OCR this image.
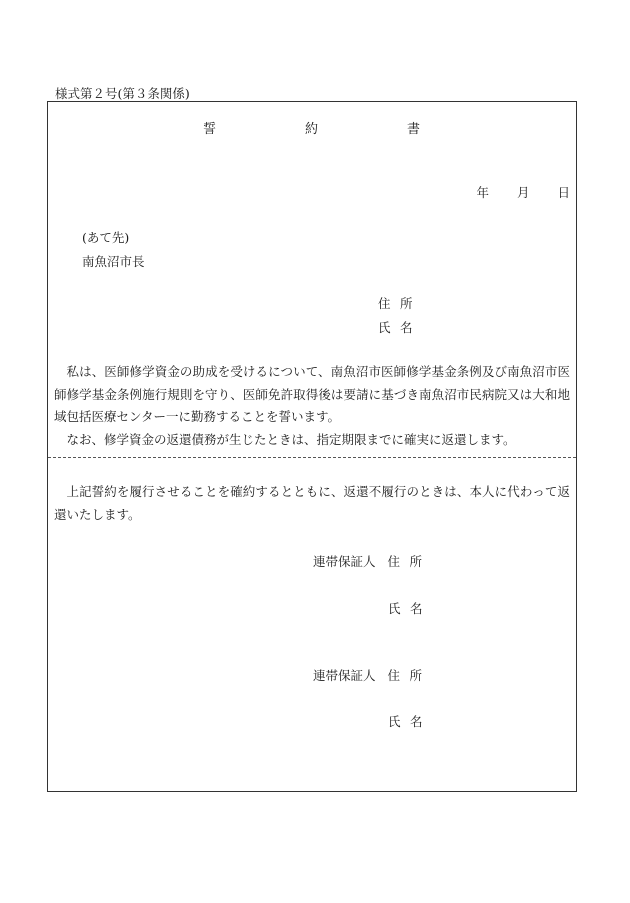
様式第２号(第３条関係)
誓	約	書
年 月 日
(あて先)
南魚沼市長
住 所
氏 名

私は、医師修学資金の助成を受けるについて、南魚沼市医師修学基金条例及び南魚沼市医師修学基金条例施行規則を守り、医師免許取得後は要請に基づき南魚沼市民病院又は大和地域包括医療センター一に勤務することを誓います。

なお、修学資金の返還債務が生じたときは、指定期限までに確実に返還します。

上記誓約を履行させることを確約するとともに、返還不履行のときは、本人に代わって返還いたします。

連帯保証人 住 所
氏 名
連帯保証人 住 所
氏 名
